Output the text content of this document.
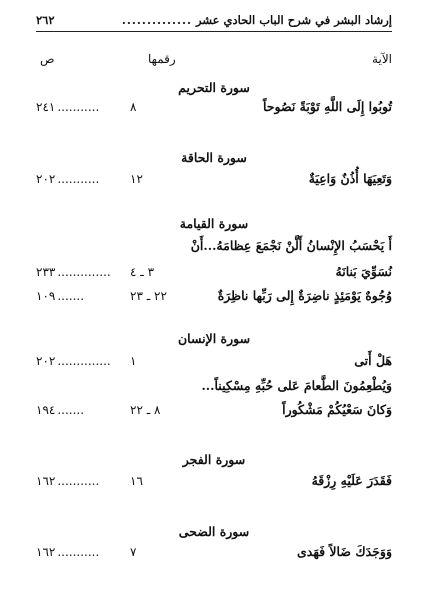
إرشاد البشر في شرح الباب الحادي عشر
..............
٢٦٢
الآية
رقمها
ص
سورة التحريم
تُوبُوا إِلَى اللَّهِ تَوْبَةً نَصُوحاً
٨
٢٤١ ...........
سورة الحاقة
وَتَعِيَهَا أُذُنٌ وَاعِيَةٌ
١٢
٢٠٢ ...........
سورة القيامة
أَ يَحْسَبُ الإِنْسانُ أَلَّنْ نَجْمَعَ عِظامَهُ...أَنْ
نُسَوِّيَ بَنانَهُ
٣ ـ ٤
٢٣٣ ..............
وُجُوهٌ يَوْمَئِذٍ ناضِرَةٌ إِلى رَبِّها ناظِرَةٌ
٢٢ ـ ٢٣
١٠٩ .......
سورة الإنسان
هَلْ أَتى
١
٢٠٢ ..............
وَيُطْعِمُونَ الطَّعامَ عَلى حُبِّهِ مِسْكِيناً...
وَكانَ سَعْيُكُمْ مَشْكُوراً
٨ ـ ٢٢
١٩٤ .......
سورة الفجر
فَقَدَرَ عَلَيْهِ رِزْقَهُ
١٦
١٦٢ ...........
سورة الضحى
وَوَجَدَكَ ضَالاً فَهَدى
٧
١٦٢ ...........
